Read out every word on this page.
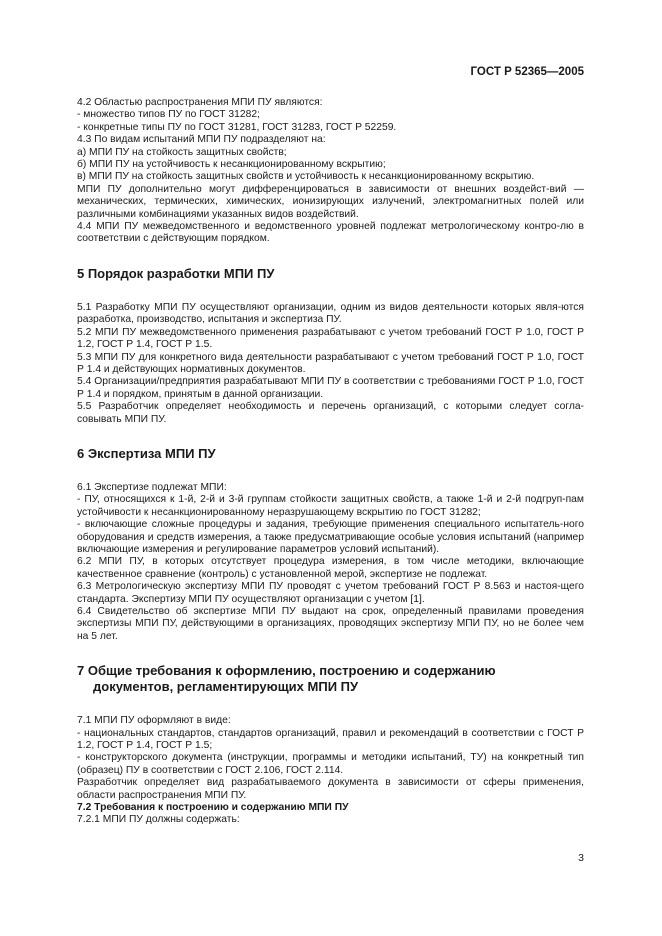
ГОСТ Р 52365—2005

4.2 Областью распространения МПИ ПУ являются:

- множество типов ПУ по ГОСТ 31282;

- конкретные типы ПУ по ГОСТ 31281, ГОСТ 31283, ГОСТ Р 52259.

4.3 По видам испытаний МПИ ПУ подразделяют на:

а) МПИ ПУ на стойкость защитных свойств;

б) МПИ ПУ на устойчивость к несанкционированному вскрытию;

в) МПИ ПУ на стойкость защитных свойств и устойчивость к несанкционированному вскрытию.

МПИ ПУ дополнительно могут дифференцироваться в зависимости от внешних воздейст-вий — механических, термических, химических, ионизирующих излучений, электромагнитных полей или различными комбинациями указанных видов воздействий.

4.4 МПИ ПУ межведомственного и ведомственного уровней подлежат метрологическому контро-лю в соответствии с действующим порядком.

5 Порядок разработки МПИ ПУ

5.1 Разработку МПИ ПУ осуществляют организации, одним из видов деятельности которых явля-ются разработка, производство, испытания и экспертиза ПУ.

5.2 МПИ ПУ межведомственного применения разрабатывают с учетом требований ГОСТ Р 1.0, ГОСТ Р 1.2, ГОСТ Р 1.4, ГОСТ Р 1.5.

5.3 МПИ ПУ для конкретного вида деятельности разрабатывают с учетом требований ГОСТ Р 1.0, ГОСТ Р 1.4 и действующих нормативных документов.

5.4 Организации/предприятия разрабатывают МПИ ПУ в соответствии с требованиями ГОСТ Р 1.0, ГОСТ Р 1.4 и порядком, принятым в данной организации.

5.5 Разработчик определяет необходимость и перечень организаций, с которыми следует согла-совывать МПИ ПУ.

6 Экспертиза МПИ ПУ

6.1 Экспертизе подлежат МПИ:

- ПУ, относящихся к 1-й, 2-й и 3-й группам стойкости защитных свойств, а также 1-й и 2-й подгруп-пам устойчивости к несанкционированному неразрушающему вскрытию по ГОСТ 31282;

- включающие сложные процедуры и задания, требующие применения специального испытатель-ного оборудования и средств измерения, а также предусматривающие особые условия испытаний (например включающие измерения и регулирование параметров условий испытаний).

6.2 МПИ ПУ, в которых отсутствует процедура измерения, в том числе методики, включающие качественное сравнение (контроль) с установленной мерой, экспертизе не подлежат.

6.3 Метрологическую экспертизу МПИ ПУ проводят с учетом требований ГОСТ Р 8.563 и настоя-щего стандарта. Экспертизу МПИ ПУ осуществляют организации с учетом [1].

6.4 Свидетельство об экспертизе МПИ ПУ выдают на срок, определенный правилами проведения экспертизы МПИ ПУ, действующими в организациях, проводящих экспертизу МПИ ПУ, но не более чем на 5 лет.

7 Общие требования к оформлению, построению и содержанию
документов, регламентирующих МПИ ПУ

7.1 МПИ ПУ оформляют в виде:

- национальных стандартов, стандартов организаций, правил и рекомендаций в соответствии с ГОСТ Р 1.2, ГОСТ Р 1.4, ГОСТ Р 1.5;

- конструкторского документа (инструкции, программы и методики испытаний, ТУ) на конкретный тип (образец) ПУ в соответствии с ГОСТ 2.106, ГОСТ 2.114.

Разработчик определяет вид разрабатываемого документа в зависимости от сферы применения, области распространения МПИ ПУ.

7.2 Требования к построению и содержанию МПИ ПУ

7.2.1 МПИ ПУ должны содержать:

3
